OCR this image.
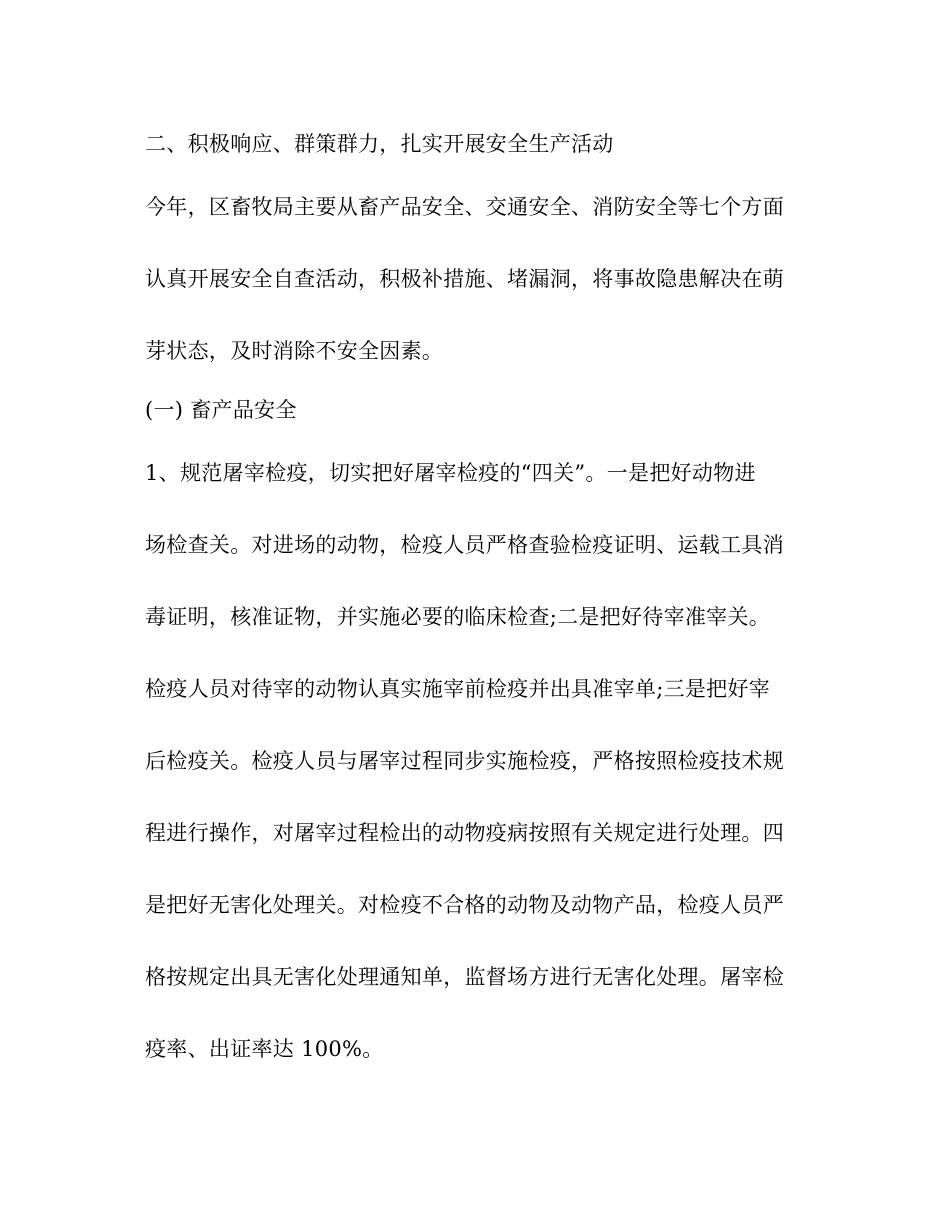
二、积极响应、群策群力，扎实开展安全生产活动
今年，区畜牧局主要从畜产品安全、交通安全、消防安全等七个方面
认真开展安全自查活动，积极补措施、堵漏洞，将事故隐患解决在萌
芽状态，及时消除不安全因素。
(一) 畜产品安全
1、规范屠宰检疫，切实把好屠宰检疫的“四关”。一是把好动物进
场检查关。对进场的动物，检疫人员严格查验检疫证明、运载工具消
毒证明，核准证物，并实施必要的临床检查;二是把好待宰准宰关。
检疫人员对待宰的动物认真实施宰前检疫并出具准宰单;三是把好宰
后检疫关。检疫人员与屠宰过程同步实施检疫，严格按照检疫技术规
程进行操作，对屠宰过程检出的动物疫病按照有关规定进行处理。四
是把好无害化处理关。对检疫不合格的动物及动物产品，检疫人员严
格按规定出具无害化处理通知单，监督场方进行无害化处理。屠宰检
疫率、出证率达 100%。
